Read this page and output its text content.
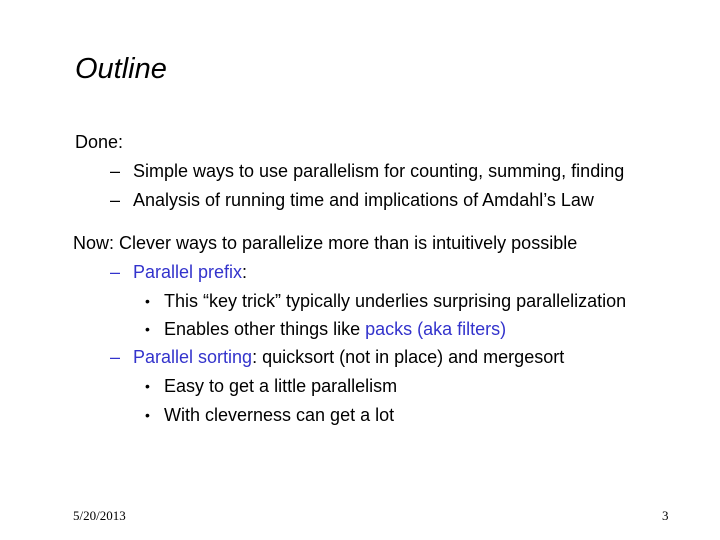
Outline
Done:
– Simple ways to use parallelism for counting, summing, finding
– Analysis of running time and implications of Amdahl’s Law
Now: Clever ways to parallelize more than is intuitively possible
– Parallel prefix:
• This “key trick” typically underlies surprising parallelization
• Enables other things like packs (aka filters)
– Parallel sorting: quicksort (not in place) and mergesort
• Easy to get a little parallelism
• With cleverness can get a lot
5/20/2013	3
